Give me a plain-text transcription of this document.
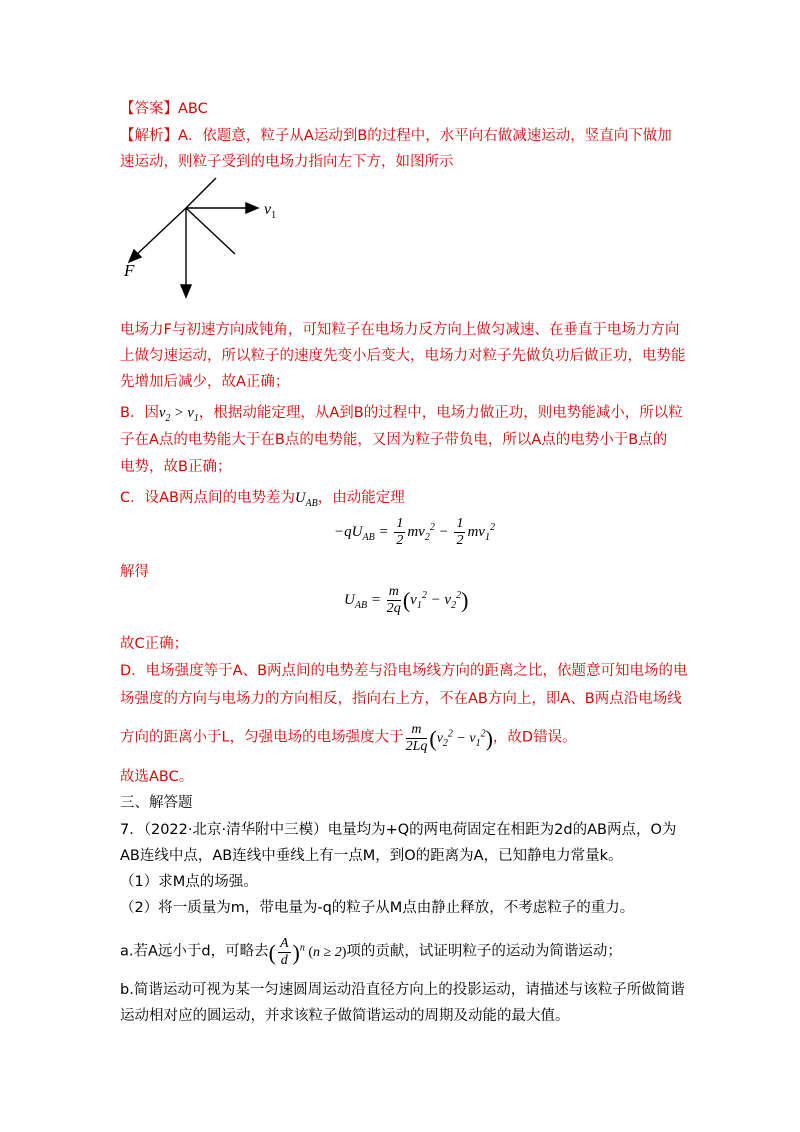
【答案】ABC
【解析】A．依题意，粒子从A运动到B的过程中，水平向右做减速运动，竖直向下做加
速运动，则粒子受到的电场力指向左下方，如图所示
$v_1$
F
电场力F与初速方向成钝角，可知粒子在电场力反方向上做匀减速、在垂直于电场力方向
上做匀速运动，所以粒子的速度先变小后变大，电场力对粒子先做负功后做正功，电势能
先增加后减少，故A正确；
B．因$v_2 > v_1$，根据动能定理，从A到B的过程中，电场力做正功，则电势能减小，所以粒
子在A点的电势能大于在B点的电势能，又因为粒子带负电，所以A点的电势小于B点的
电势，故B正确；
C．设AB两点间的电势差为$U_{AB}$，由动能定理
$-qU_{AB} = \frac{1}{2} mv_2^2 - \frac{1}{2} mv_1^2$
解得
$U_{AB} = \frac{m}{2q} (v_1^2 - v_2^2)$
故C正确；
D．电场强度等于A、B两点间的电势差与沿电场线方向的距离之比，依题意可知电场的电
场强度的方向与电场力的方向相反，指向右上方，不在AB方向上，即A、B两点沿电场线
方向的距离小于L，匀强电场的电场强度大于 $\frac{m}{2Lq} (v_2^2 - v_1^2)$，故D错误。
故选ABC。
三、解答题
7．（2022·北京·清华附中三模）电量均为+Q的两电荷固定在相距为2d的AB两点，O为
AB连线中点，AB连线中垂线上有一点M，到O的距离为A，已知静电力常量k。
（1）求M点的场强。
（2）将一质量为m，带电量为-q的粒子从M点由静止释放，不考虑粒子的重力。
a.若A远小于d，可略去( $\frac{A}{d} )^n$ (n ≥ 2)项的贡献，试证明粒子的运动为简谐运动；
b.简谐运动可视为某一匀速圆周运动沿直径方向上的投影运动，请描述与该粒子所做简谐
运动相对应的圆运动，并求该粒子做简谐运动的周期及动能的最大值。
